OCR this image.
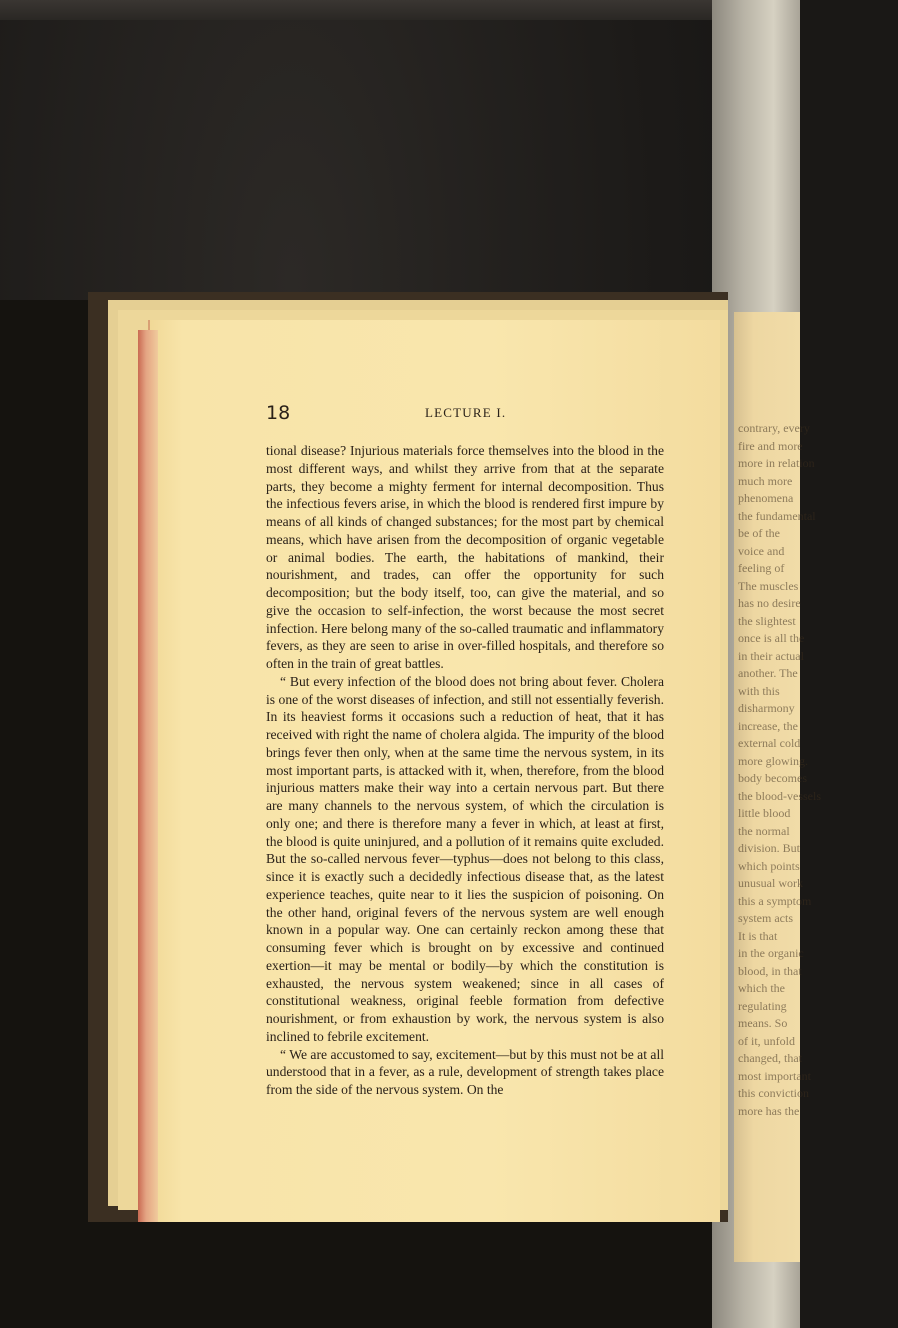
contrary, every
fire and more
more in relation
much more
phenomena
the fundamental
be of the
voice and
feeling of
The muscles
has no desire
the slightest
once is all the
in their actual
another. The
with this
disharmony
increase, the
external cold
more glowing.
body becomes
the blood-vessels
little blood
the normal
division. But
which points
unusual work
this a symptom
system acts
It is that
in the organic
blood, in that
which the
regulating
means. So
of it, unfold
changed, that
most important
this conviction
more has the
18	LECTURE I.

tional disease? Injurious materials force themselves into the blood in the most different ways, and whilst they arrive from that at the separate parts, they become a mighty ferment for internal decomposition. Thus the infectious fevers arise, in which the blood is rendered first impure by means of all kinds of changed substances; for the most part by chemical means, which have arisen from the decomposition of organic vegetable or animal bodies. The earth, the habitations of mankind, their nourishment, and trades, can offer the opportunity for such decomposition; but the body itself, too, can give the material, and so give the occasion to self-infection, the worst because the most secret infection. Here belong many of the so-called traumatic and inflammatory fevers, as they are seen to arise in over-filled hospitals, and therefore so often in the train of great battles.

“ But every infection of the blood does not bring about fever. Cholera is one of the worst diseases of infection, and still not essentially feverish. In its heaviest forms it occasions such a reduction of heat, that it has received with right the name of cholera algida. The impurity of the blood brings fever then only, when at the same time the nervous system, in its most important parts, is attacked with it, when, therefore, from the blood injurious matters make their way into a certain nervous part. But there are many channels to the nervous system, of which the circulation is only one; and there is therefore many a fever in which, at least at first, the blood is quite uninjured, and a pollution of it remains quite excluded. But the so-called nervous fever—typhus—does not belong to this class, since it is exactly such a decidedly infectious disease that, as the latest experience teaches, quite near to it lies the suspicion of poisoning. On the other hand, original fevers of the nervous system are well enough known in a popular way. One can certainly reckon among these that consuming fever which is brought on by excessive and continued exertion—it may be mental or bodily—by which the constitution is exhausted, the nervous system weakened; since in all cases of constitutional weakness, original feeble formation from defective nourishment, or from exhaustion by work, the nervous system is also inclined to febrile excitement.

“ We are accustomed to say, excitement—but by this must not be at all understood that in a fever, as a rule, development of strength takes place from the side of the nervous system. On the
